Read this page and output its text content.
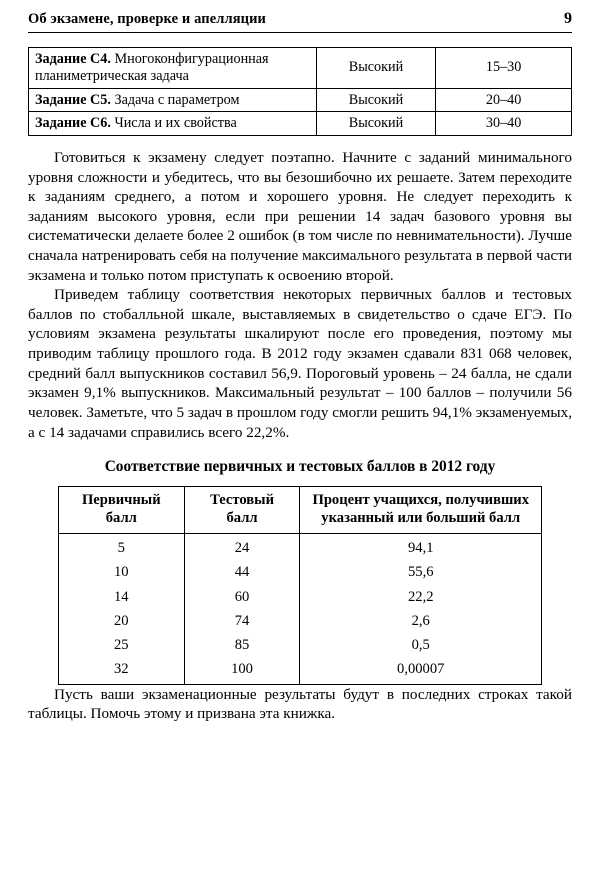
Об экзамене, проверке и апелляции	9
Задание С4. Многоконфигурационная планиметрическая задача	Высокий	15–30
Задание С5. Задача с параметром	Высокий	20–40
Задание С6. Числа и их свойства	Высокий	30–40

Готовиться к экзамену следует поэтапно. Начните с заданий минимального уровня сложности и убедитесь, что вы безошибочно их решаете. Затем переходите к заданиям среднего, а потом и хорошего уровня. Не следует переходить к заданиям высокого уровня, если при решении 14 задач базового уровня вы систематически делаете более 2 ошибок (в том числе по невнимательности). Лучше сначала натренировать себя на получение максимального результата в первой части экзамена и только потом приступать к освоению второй.

Приведем таблицу соответствия некоторых первичных баллов и тестовых баллов по стобалльной шкале, выставляемых в свидетельство о сдаче ЕГЭ. По условиям экзамена результаты шкалируют после его проведения, поэтому мы приводим таблицу прошлого года. В 2012 году экзамен сдавали 831 068 человек, средний балл выпускников составил 56,9. Пороговый уровень – 24 балла, не сдали экзамен 9,1% выпускников. Максимальный результат – 100 баллов – получили 56 человек. Заметьте, что 5 задач в прошлом году смогли решить 94,1% экзаменуемых, а с 14 задачами справились всего 22,2%.

Соответствие первичных и тестовых баллов в 2012 году
Первичный
балл

Тестовый
балл

Процент учащихся, получивших
указанный или больший балл

5	24	94,1
10	44	55,6
14	60	22,2
20	74	2,6
25	85	0,5
32	100	0,00007

Пусть ваши экзаменационные результаты будут в последних строках такой таблицы. Помочь этому и призвана эта книжка.
